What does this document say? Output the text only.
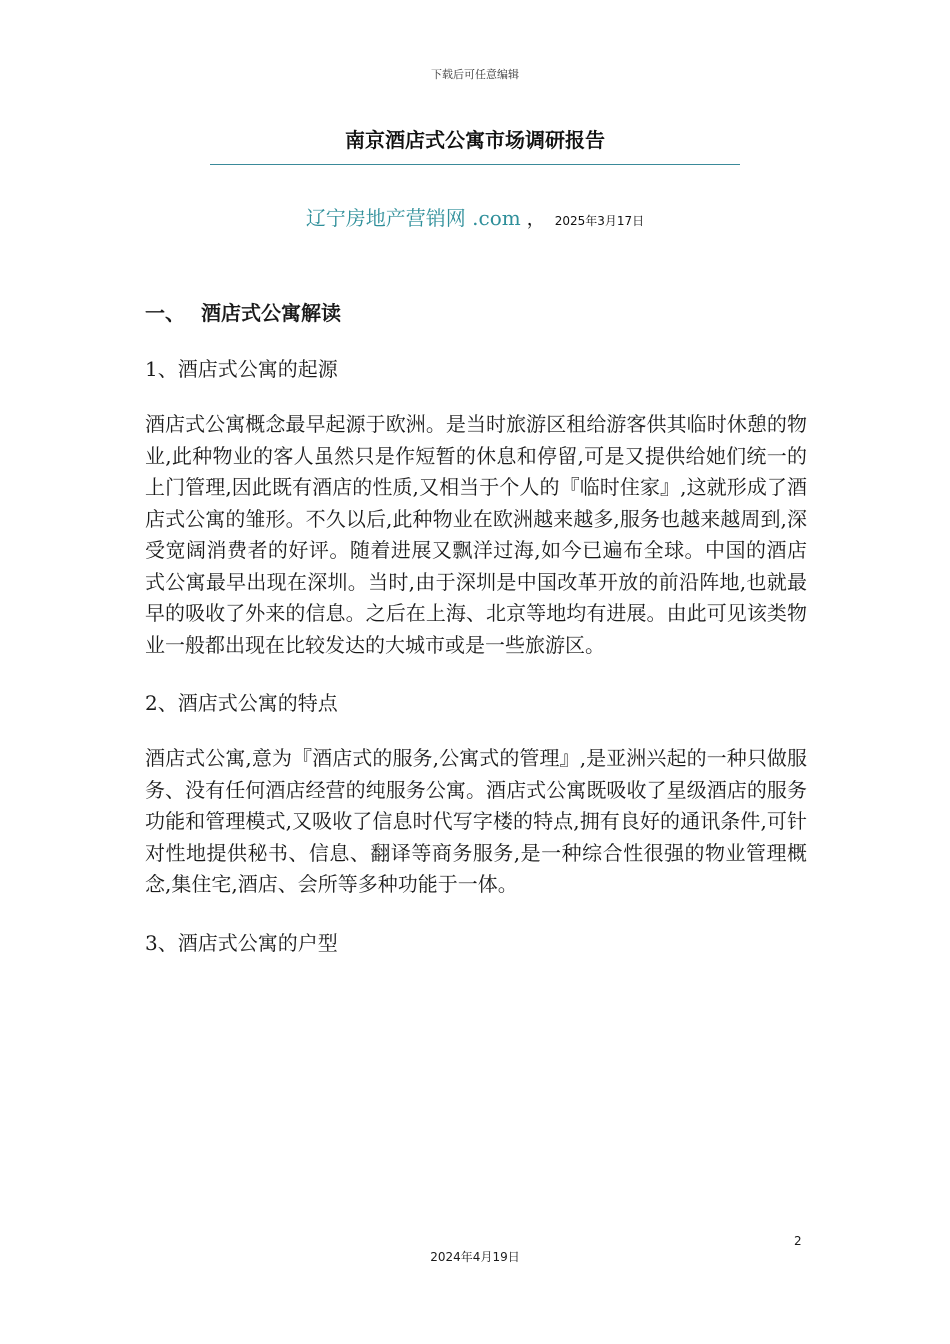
下载后可任意编辑
南京酒店式公寓市场调研报告
辽宁房地产营销网 .com ， 2025年3月17日
一、 酒店式公寓解读
1、酒店式公寓的起源
酒店式公寓概念最早起源于欧洲。是当时旅游区租给游客供其临时休憩的物业,此种物业的客人虽然只是作短暂的休息和停留,可是又提供给她们统一的上门管理,因此既有酒店的性质,又相当于个人的『临时住家』,这就形成了酒店式公寓的雏形。不久以后,此种物业在欧洲越来越多,服务也越来越周到,深受宽阔消费者的好评。随着进展又飘洋过海,如今已遍布全球。中国的酒店式公寓最早出现在深圳。当时,由于深圳是中国改革开放的前沿阵地,也就最早的吸收了外来的信息。之后在上海、北京等地均有进展。由此可见该类物业一般都出现在比较发达的大城市或是一些旅游区。
2、酒店式公寓的特点
酒店式公寓,意为『酒店式的服务,公寓式的管理』,是亚洲兴起的一种只做服务、没有任何酒店经营的纯服务公寓。酒店式公寓既吸收了星级酒店的服务功能和管理模式,又吸收了信息时代写字楼的特点,拥有良好的通讯条件,可针对性地提供秘书、信息、翻译等商务服务,是一种综合性很强的物业管理概念,集住宅,酒店、会所等多种功能于一体。
3、酒店式公寓的户型
2
2024年4月19日
